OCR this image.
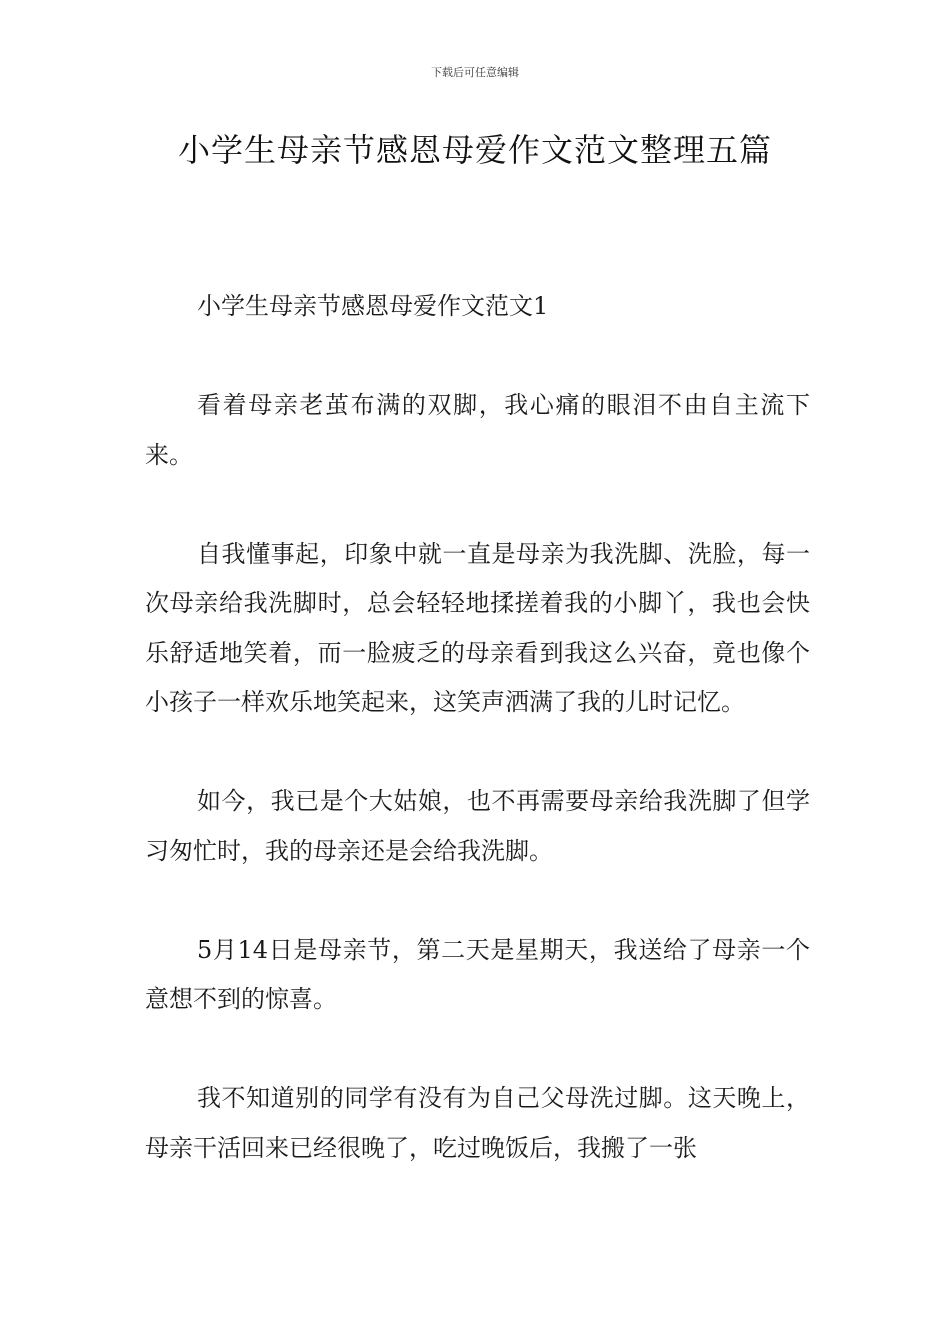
下载后可任意编辑
小学生母亲节感恩母爱作文范文整理五篇

小学生母亲节感恩母爱作文范文1

看着母亲老茧布满的双脚，我心痛的眼泪不由自主流下来。

自我懂事起，印象中就一直是母亲为我洗脚、洗脸，每一次母亲给我洗脚时，总会轻轻地揉搓着我的小脚丫，我也会快乐舒适地笑着，而一脸疲乏的母亲看到我这么兴奋，竟也像个小孩子一样欢乐地笑起来，这笑声洒满了我的儿时记忆。

如今，我已是个大姑娘，也不再需要母亲给我洗脚了但学习匆忙时，我的母亲还是会给我洗脚。

5月14日是母亲节，第二天是星期天，我送给了母亲一个意想不到的惊喜。

我不知道别的同学有没有为自己父母洗过脚。这天晚上，母亲干活回来已经很晚了，吃过晚饭后，我搬了一张
